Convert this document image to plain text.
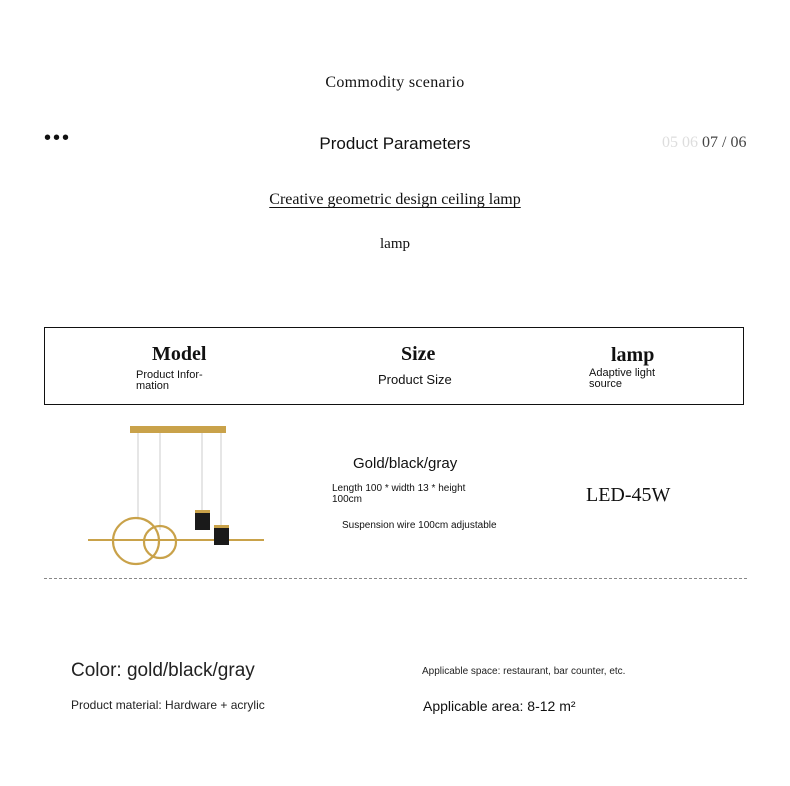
Commodity scenario
•••	Product Parameters	05 06 07 / 06
Creative geometric design ceiling lamp
lamp
Model
Product Infor-
mation
Size
Product Size
lamp
Adaptive light
source
Gold/black/gray
Length 100 * width 13 * height 100cm
Suspension wire 100cm adjustable
LED-45W
Color: gold/black/gray
Product material: Hardware + acrylic
Applicable space: restaurant, bar counter, etc.
Applicable area: 8-12 m²
